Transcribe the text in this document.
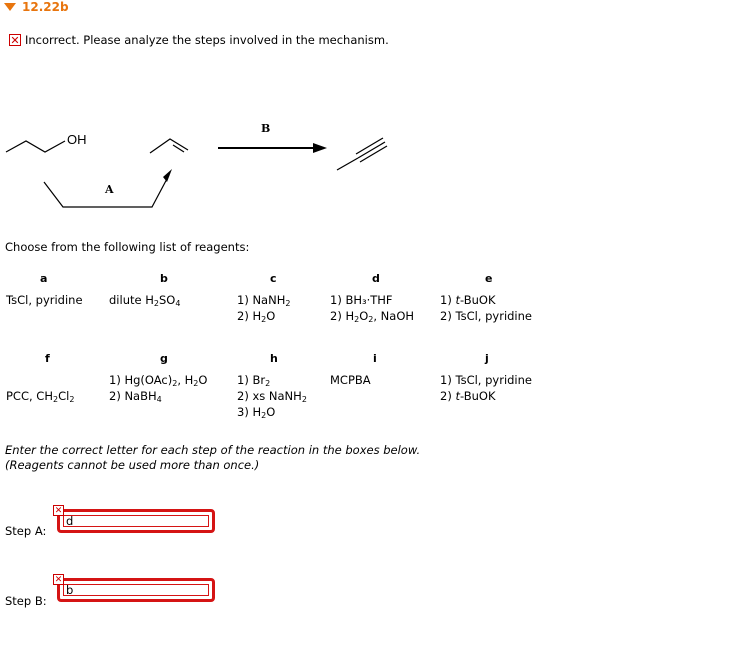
12.22b
✕ Incorrect. Please analyze the steps involved in the mechanism.
OH
A
B
Choose from the following list of reagents:
a
TsCl, pyridine
b
dilute $H_2SO_4$
c
1) NaNH$_2$
2) $H_2O$
d
1) BH₃·THF
2) $H_2O_2$, NaOH
e
1) t-BuOK
2) TsCl, pyridine
f
PCC, $CH_2Cl_2$
g
1) $Hg(OAc)_2$, $H_2O$
2) NaBH$_4$
h
1) $Br_2$
2) xs NaNH$_2$
3) $H_2O$
i
MCPBA
j
1) TsCl, pyridine
2) t-BuOK
Enter the correct letter for each step of the reaction in the boxes below.
(Reagents cannot be used more than once.)
Step A:
d
✕
Step B:
b
✕
